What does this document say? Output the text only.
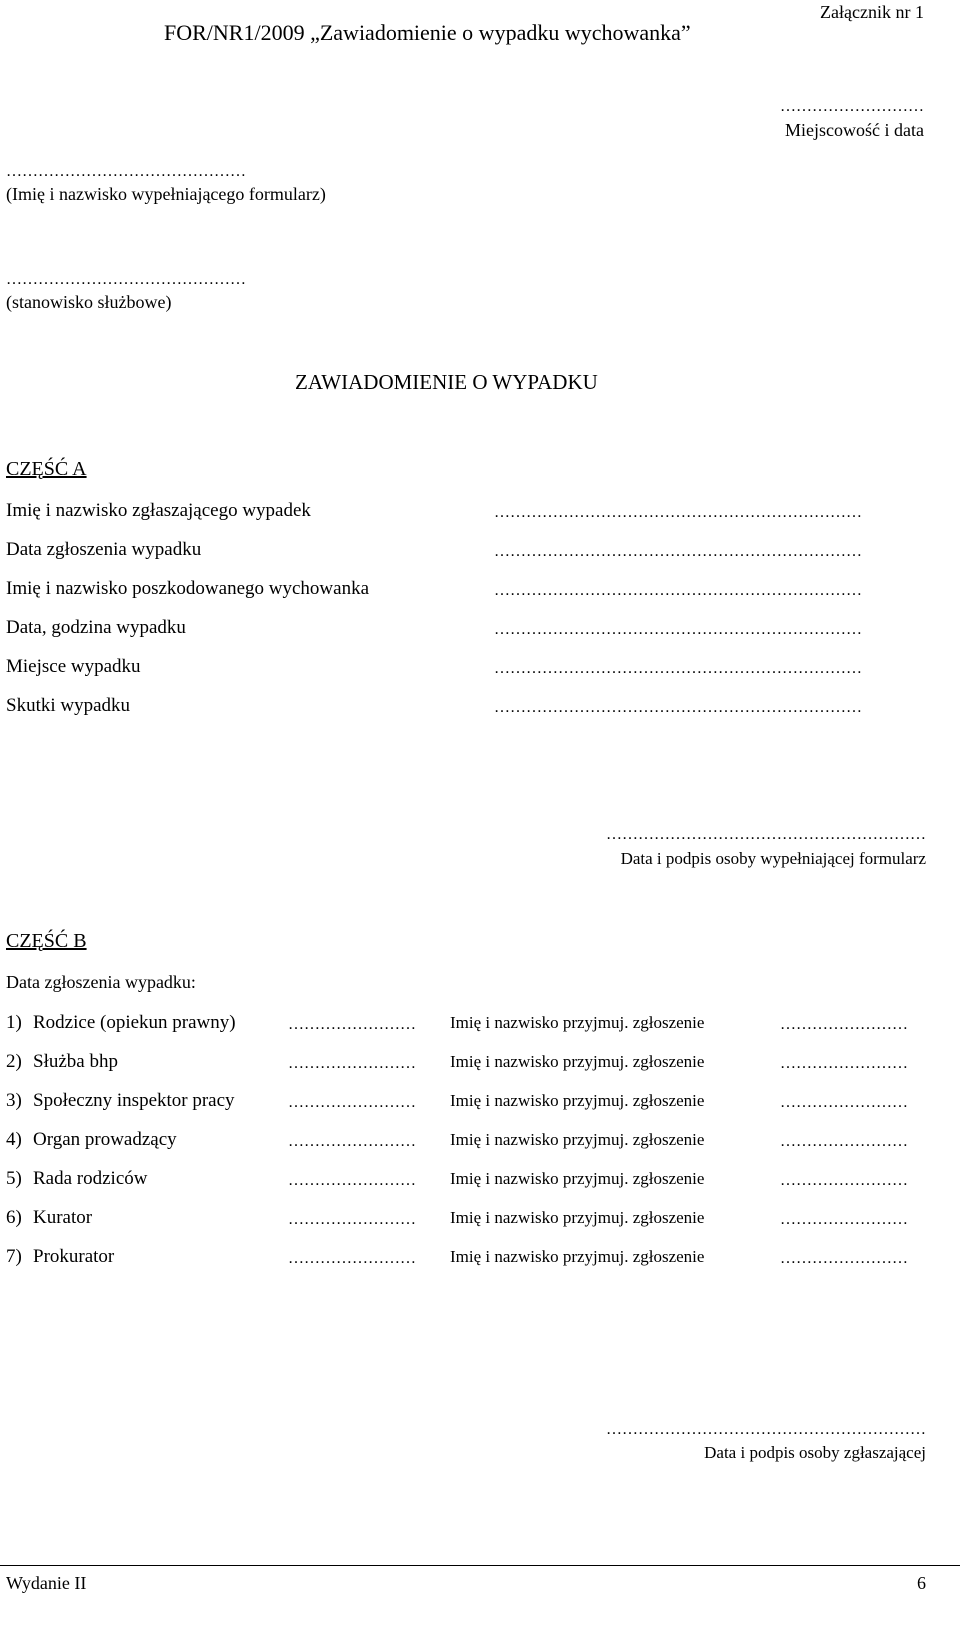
FOR/NR1/2009 „Zawiadomienie o wypadku wychowanka”
Załącznik nr 1
………………………
Miejscowość i data
………………………………………
(Imię i nazwisko wypełniającego formularz)
………………………………………
(stanowisko służbowe)
ZAWIADOMIENIE O WYPADKU
CZĘŚĆ A
Imię i nazwisko zgłaszającego wypadek	……………………………………………………………
Data zgłoszenia wypadku	……………………………………………………………
Imię i nazwisko poszkodowanego wychowanka	……………………………………………………………
Data, godzina wypadku	……………………………………………………………
Miejsce wypadku	……………………………………………………………
Skutki wypadku	……………………………………………………………
……………………………………………………
Data i podpis osoby wypełniającej formularz
CZĘŚĆ B
Data zgłoszenia wypadku:
1) Rodzice (opiekun prawny)	…………………… Imię i nazwisko przyjmuj. zgłoszenie	……………………
2) Służba bhp	…………………… Imię i nazwisko przyjmuj. zgłoszenie	……………………
3) Społeczny inspektor pracy	…………………… Imię i nazwisko przyjmuj. zgłoszenie	……………………
4) Organ prowadzący	…………………… Imię i nazwisko przyjmuj. zgłoszenie	……………………
5) Rada rodziców	…………………… Imię i nazwisko przyjmuj. zgłoszenie	……………………
6) Kurator	…………………… Imię i nazwisko przyjmuj. zgłoszenie	……………………
7) Prokurator	…………………… Imię i nazwisko przyjmuj. zgłoszenie	……………………
……………………………………………………
Data i podpis osoby zgłaszającej
Wydanie II	6
